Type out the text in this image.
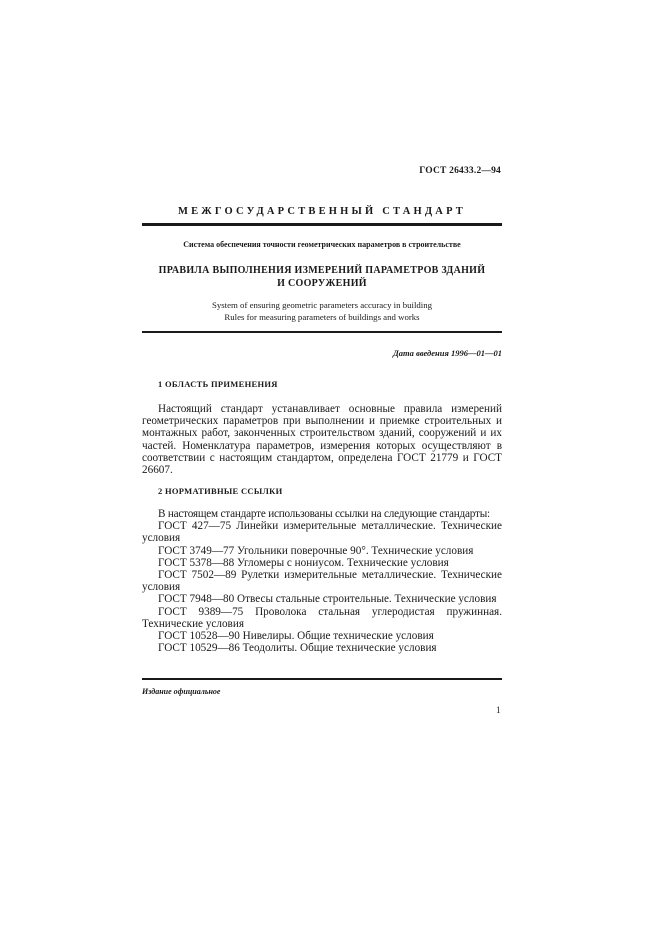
ГОСТ 26433.2—94
МЕЖГОСУДАРСТВЕННЫЙ СТАНДАРТ
Система обеспечения точности геометрических параметров в строительстве
ПРАВИЛА ВЫПОЛНЕНИЯ ИЗМЕРЕНИЙ ПАРАМЕТРОВ ЗДАНИЙ
И СООРУЖЕНИЙ
System of ensuring geometric parameters accuracy in building
Rules for measuring parameters of buildings and works
Дата введения 1996—01—01
1 ОБЛАСТЬ ПРИМЕНЕНИЯ
Настоящий стандарт устанавливает основные правила измерений геометрических параметров при выполнении и приемке строительных и монтажных работ, законченных строительством зданий, сооружений и их частей. Номенклатура параметров, измерения которых осуществляют в соответствии с настоящим стандартом, определена ГОСТ 21779 и ГОСТ 26607.
2 НОРМАТИВНЫЕ ССЫЛКИ

В настоящем стандарте использованы ссылки на следующие стандарты:

ГОСТ 427—75 Линейки измерительные металлические. Технические условия

ГОСТ 3749—77 Угольники поверочные 90°. Технические условия

ГОСТ 5378—88 Угломеры с нониусом. Технические условия

ГОСТ 7502—89 Рулетки измерительные металлические. Технические условия

ГОСТ 7948—80 Отвесы стальные строительные. Технические условия

ГОСТ 9389—75 Проволока стальная углеродистая пружинная. Технические условия

ГОСТ 10528—90 Нивелиры. Общие технические условия

ГОСТ 10529—86 Теодолиты. Общие технические условия

Издание официальное
1
